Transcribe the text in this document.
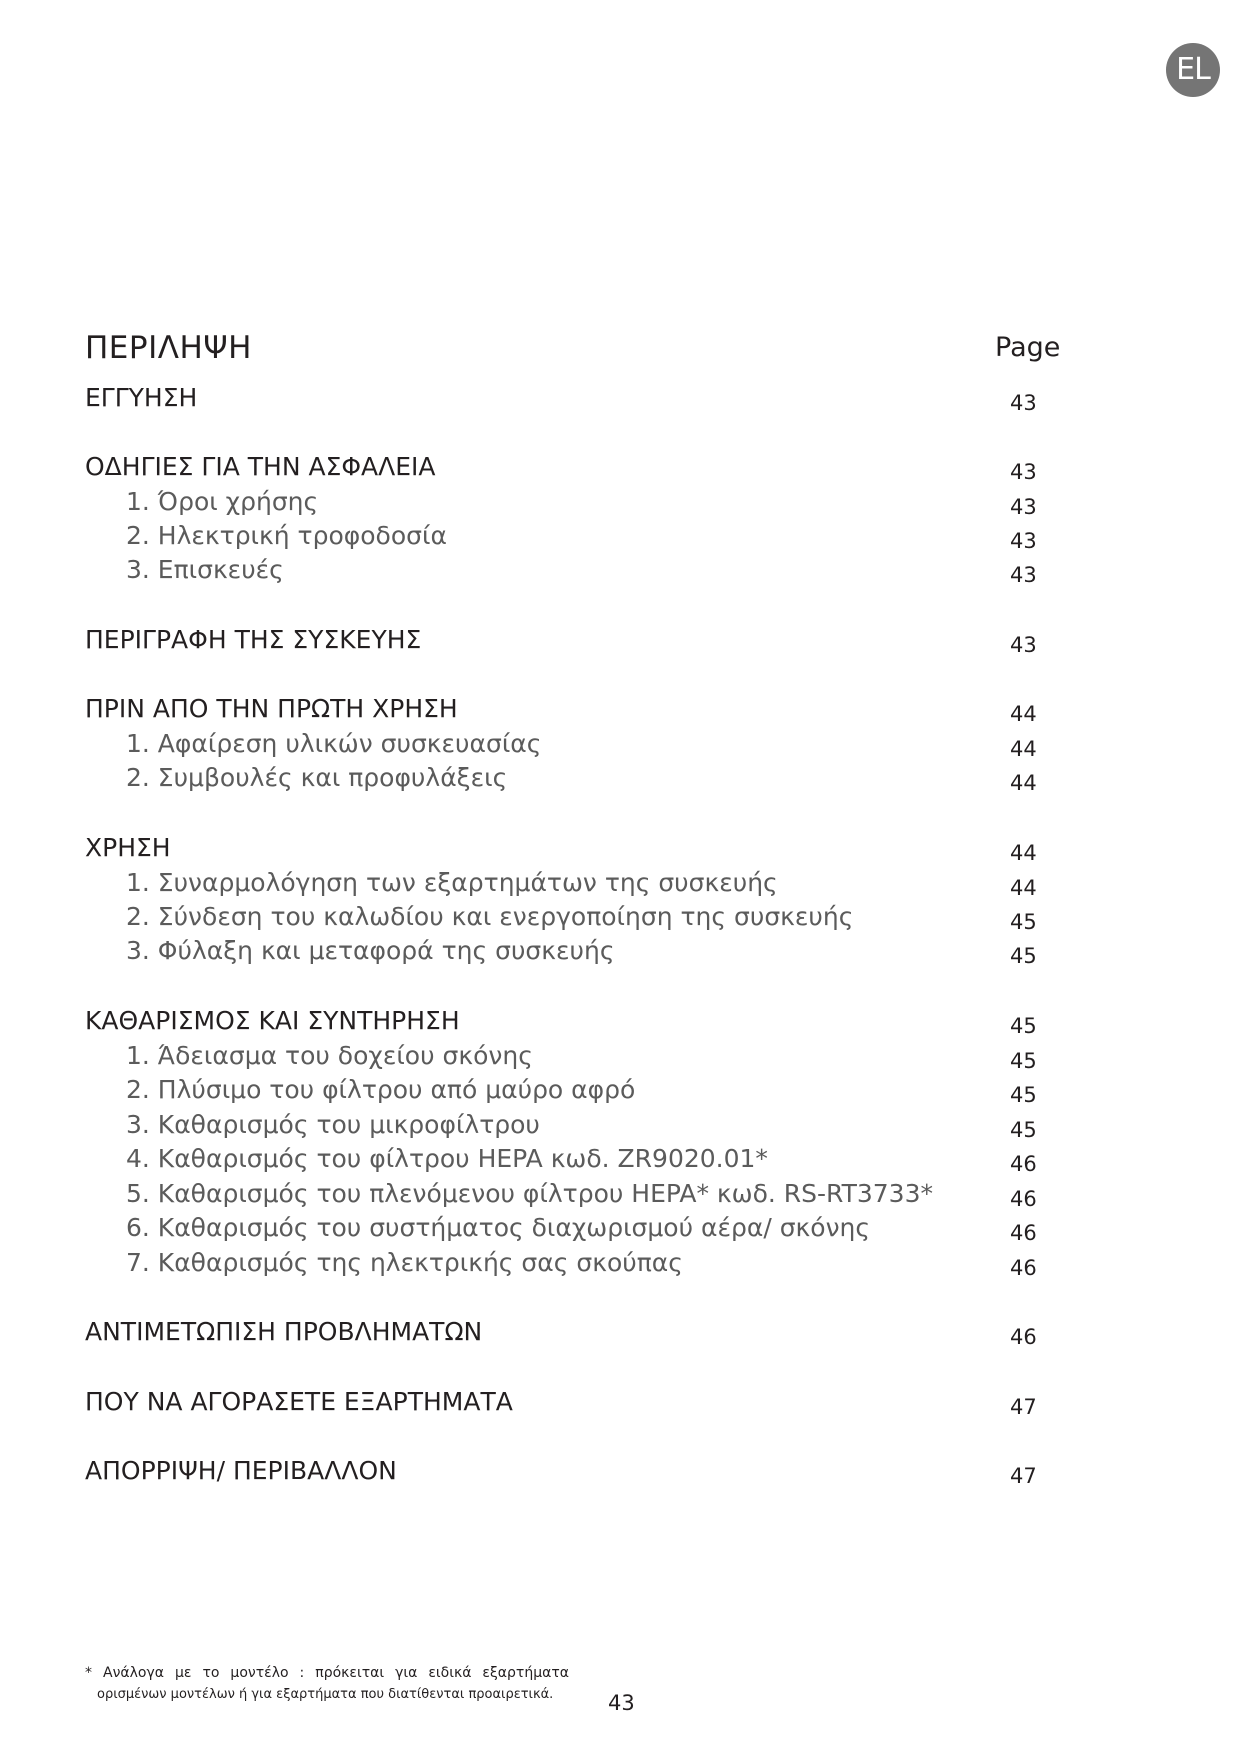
EL
ΠΕΡΙΛΗΨΗ	Page
ΕΓΓΥΗΣΗ	43
ΟΔΗΓΙΕΣ ΓΙΑ ΤΗΝ ΑΣΦΑΛΕΙΑ	43
1. Όροι χρήσης	43
2. Ηλεκτρική τροφοδοσία	43
3. Επισκευές	43
ΠΕΡΙΓΡΑΦΗ ΤΗΣ ΣΥΣΚΕΥΗΣ	43
ΠΡΙΝ ΑΠΟ ΤΗΝ ΠΡΩΤΗ ΧΡΗΣΗ	44
1. Αφαίρεση υλικών συσκευασίας	44
2. Συμβουλές και προφυλάξεις	44
ΧΡΗΣΗ	44
1. Συναρμολόγηση των εξαρτημάτων της συσκευής	44
2. Σύνδεση του καλωδίου και ενεργοποίηση της συσκευής	45
3. Φύλαξη και μεταφορά της συσκευής	45
ΚΑΘΑΡΙΣΜΟΣ ΚΑΙ ΣΥΝΤΗΡΗΣΗ	45
1. Άδειασμα του δοχείου σκόνης	45
2. Πλύσιμο του φίλτρου από μαύρο αφρό	45
3. Καθαρισμός του μικροφίλτρου	45
4. Καθαρισμός του φίλτρου HEPA κωδ. ZR9020.01*	46
5. Καθαρισμός του πλενόμενου φίλτρου HEPA* κωδ. RS-RT3733*	46
6. Καθαρισμός του συστήματος διαχωρισμού αέρα/ σκόνης	46
7. Καθαρισμός της ηλεκτρικής σας σκούπας	46
ΑΝΤΙΜΕΤΩΠΙΣΗ ΠΡΟΒΛΗΜΑΤΩΝ	46
ΠΟΥ ΝΑ ΑΓΟΡΑΣΕΤΕ ΕΞΑΡΤΗΜΑΤΑ	47
ΑΠΟΡΡΙΨΗ/ ΠΕΡΙΒΑΛΛΟΝ	47
* Ανάλογα με το μοντέλο : πρόκειται για ειδικά εξαρτήματα
ορισμένων μοντέλων ή για εξαρτήματα που διατίθενται προαιρετικά.	43
